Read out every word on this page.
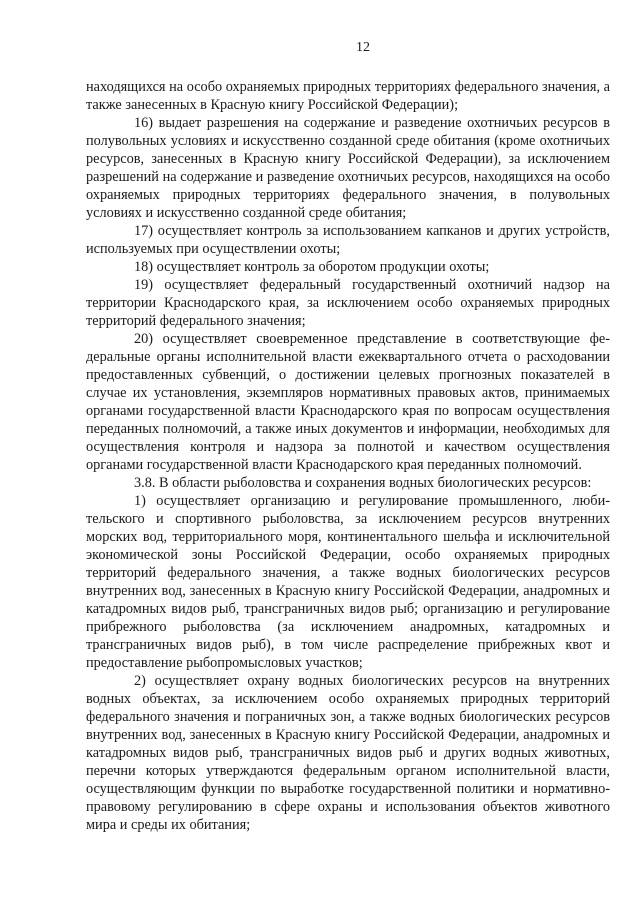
12

находящихся на особо охраняемых природных территориях федерального значения, а также занесенных в Красную книгу Российской Федерации);

16) выдает разрешения на содержание и разведение охотничьих ресурсов в полувольных условиях и искусственно созданной среде обитания (кроме охотничьих ресурсов, занесенных в Красную книгу Российской Федерации), за исключением разрешений на содержание и разведение охотничьих ресурсов, находящихся на особо охраняемых природных территориях федерального значения, в полувольных условиях и искусственно созданной среде обитания;

17) осуществляет контроль за использованием капканов и других устройств, используемых при осуществлении охоты;

18) осуществляет контроль за оборотом продукции охоты;

19) осуществляет федеральный государственный охотничий надзор на территории Краснодарского края, за исключением особо охраняемых природных территорий федерального значения;

20) осуществляет своевременное представление в соответствующие федеральные органы исполнительной власти ежеквартального отчета о расходовании предоставленных субвенций, о достижении целевых прогнозных показателей в случае их установления, экземпляров нормативных правовых актов, принимаемых органами государственной власти Краснодарского края по вопросам осуществления переданных полномочий, а также иных документов и информации, необходимых для осуществления контроля и надзора за полнотой и качеством осуществления органами государственной власти Краснодарского края переданных полномочий.

3.8. В области рыболовства и сохранения водных биологических ресурсов:

1) осуществляет организацию и регулирование промышленного, любительского и спортивного рыболовства, за исключением ресурсов внутренних морских вод, территориального моря, континентального шельфа и исключительной экономической зоны Российской Федерации, особо охраняемых природных территорий федерального значения, а также водных биологических ресурсов внутренних вод, занесенных в Красную книгу Российской Федерации, анадромных и катадромных видов рыб, трансграничных видов рыб; организацию и регулирование прибрежного рыболовства (за исключением анадромных, катадромных и трансграничных видов рыб), в том числе распределение прибрежных квот и предоставление рыбопромысловых участков;

2) осуществляет охрану водных биологических ресурсов на внутренних водных объектах, за исключением особо охраняемых природных территорий федерального значения и пограничных зон, а также водных биологических ресурсов внутренних вод, занесенных в Красную книгу Российской Федерации, анадромных и катадромных видов рыб, трансграничных видов рыб и других водных животных, перечни которых утверждаются федеральным органом исполнительной власти, осуществляющим функции по выработке государственной политики и нормативно-правовому регулированию в сфере охраны и использования объектов животного мира и среды их обитания;
